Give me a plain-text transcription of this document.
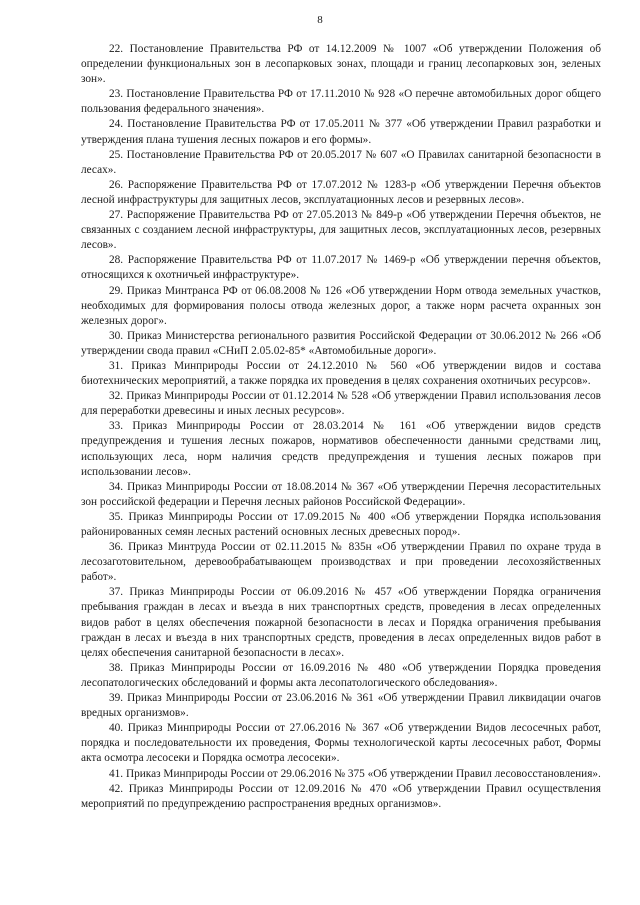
8

22. Постановление Правительства РФ от 14.12.2009 № 1007 «Об утверждении Положения об определении функциональных зон в лесопарковых зонах, площади и границ лесопарковых зон, зеленых зон».

23. Постановление Правительства РФ от 17.11.2010 № 928 «О перечне автомобильных дорог общего пользования федерального значения».

24. Постановление Правительства РФ от 17.05.2011 № 377 «Об утверждении Правил разработки и утверждения плана тушения лесных пожаров и его формы».

25. Постановление Правительства РФ от 20.05.2017 № 607 «О Правилах санитарной безопасности в лесах».

26. Распоряжение Правительства РФ от 17.07.2012 № 1283-р «Об утверждении Перечня объектов лесной инфраструктуры для защитных лесов, эксплуатационных лесов и резервных лесов».

27. Распоряжение Правительства РФ от 27.05.2013 № 849-р «Об утверждении Перечня объектов, не связанных с созданием лесной инфраструктуры, для защитных лесов, эксплуатационных лесов, резервных лесов».

28. Распоряжение Правительства РФ от 11.07.2017 № 1469-р «Об утверждении перечня объектов, относящихся к охотничьей инфраструктуре».

29. Приказ Минтранса РФ от 06.08.2008 № 126 «Об утверждении Норм отвода земельных участков, необходимых для формирования полосы отвода железных дорог, а также норм расчета охранных зон железных дорог».

30. Приказ Министерства регионального развития Российской Федерации от 30.06.2012 № 266 «Об утверждении свода правил «СНиП 2.05.02-85* «Автомобильные дороги».

31. Приказ Минприроды России от 24.12.2010 № 560 «Об утверждении видов и состава биотехнических мероприятий, а также порядка их проведения в целях сохранения охотничьих ресурсов».

32. Приказ Минприроды России от 01.12.2014 № 528 «Об утверждении Правил использования лесов для переработки древесины и иных лесных ресурсов».

33. Приказ Минприроды России от 28.03.2014 № 161 «Об утверждении видов средств предупреждения и тушения лесных пожаров, нормативов обеспеченности данными средствами лиц, использующих леса, норм наличия средств предупреждения и тушения лесных пожаров при использовании лесов».

34. Приказ Минприроды России от 18.08.2014 № 367 «Об утверждении Перечня лесорастительных зон российской федерации и Перечня лесных районов Российской Федерации».

35. Приказ Минприроды России от 17.09.2015 № 400 «Об утверждении Порядка использования районированных семян лесных растений основных лесных древесных пород».

36. Приказ Минтруда России от 02.11.2015 № 835н «Об утверждении Правил по охране труда в лесозаготовительном, деревообрабатывающем производствах и при проведении лесохозяйственных работ».

37. Приказ Минприроды России от 06.09.2016 № 457 «Об утверждении Порядка ограничения пребывания граждан в лесах и въезда в них транспортных средств, проведения в лесах определенных видов работ в целях обеспечения пожарной безопасности в лесах и Порядка ограничения пребывания граждан в лесах и въезда в них транспортных средств, проведения в лесах определенных видов работ в целях обеспечения санитарной безопасности в лесах».

38. Приказ Минприроды России от 16.09.2016 № 480 «Об утверждении Порядка проведения лесопатологических обследований и формы акта лесопатологического обследования».

39. Приказ Минприроды России от 23.06.2016 № 361 «Об утверждении Правил ликвидации очагов вредных организмов».

40. Приказ Минприроды России от 27.06.2016 № 367 «Об утверждении Видов лесосечных работ, порядка и последовательности их проведения, Формы технологической карты лесосечных работ, Формы акта осмотра лесосеки и Порядка осмотра лесосеки».

41. Приказ Минприроды России от 29.06.2016 № 375 «Об утверждении Правил лесовосстановления».

42. Приказ Минприроды России от 12.09.2016 № 470 «Об утверждении Правил осуществления мероприятий по предупреждению распространения вредных организмов».
